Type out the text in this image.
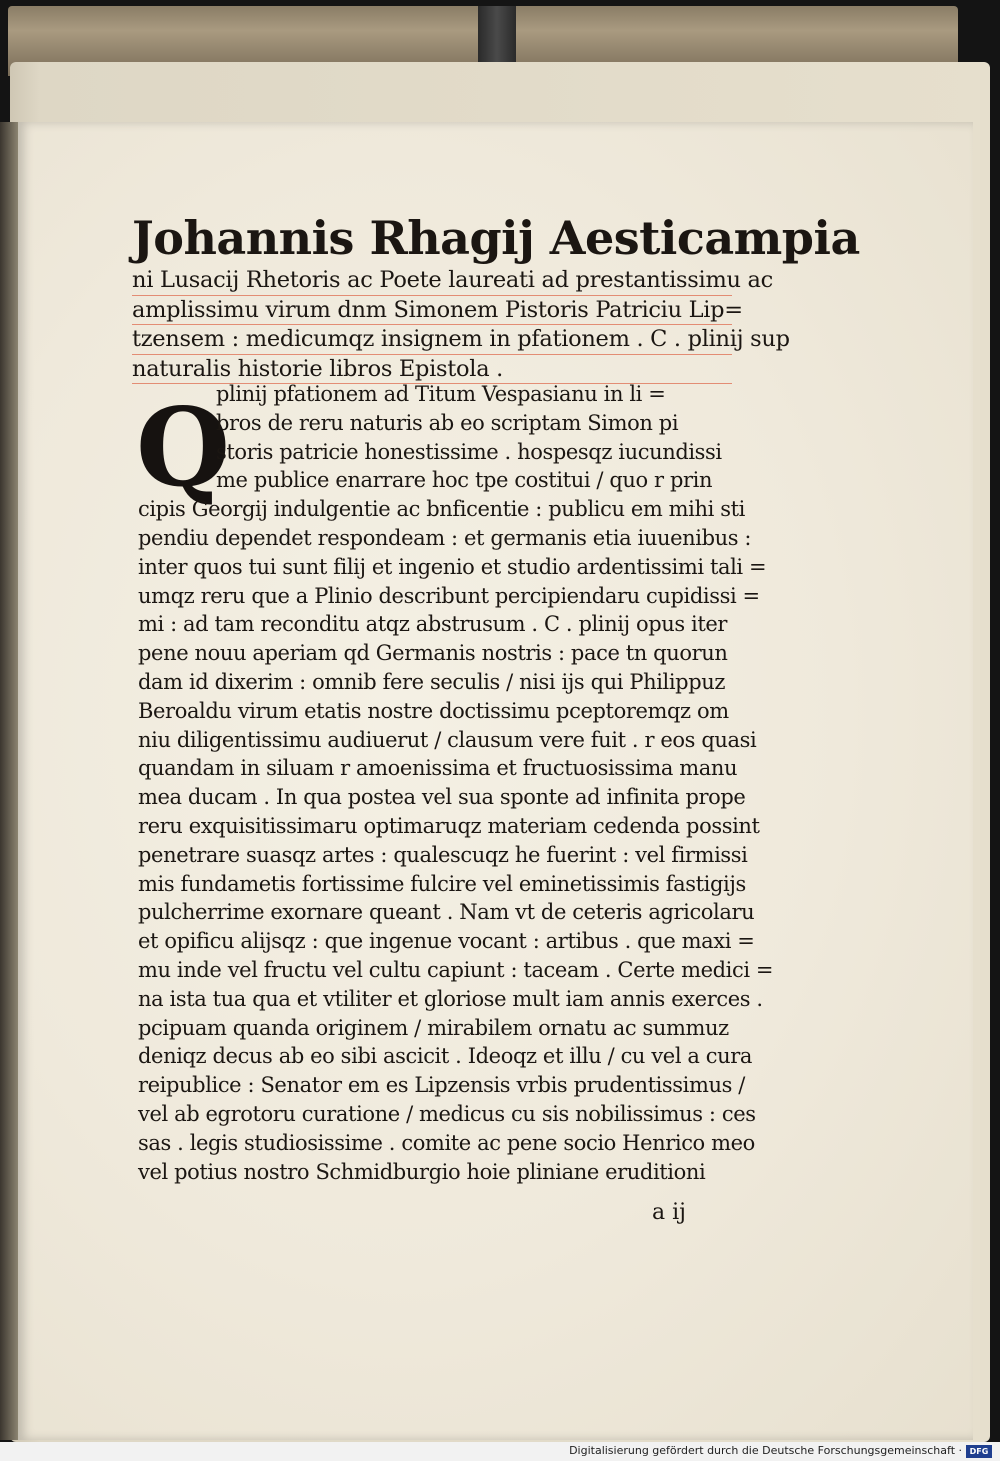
Johannis Rhagij Aesticampia
ni Lusacij Rhetoris ac Poete laureati ad prestantissimu ac
amplissimu virum dnm Simonem Pistoris Patriciu Lip=
tzensem : medicumqz insignem in pfationem . C . plinij sup
naturalis historie libros Epistola .
Q
plinij pfationem ad Titum Vespasianu in li =
bros de reru naturis ab eo scriptam Simon pi
storis patricie honestissime . hospesqz iucundissi
me publice enarrare hoc tpe costitui / quo r prin
cipis Georgij indulgentie ac bnficentie : publicu em mihi sti
pendiu dependet respondeam : et germanis etia iuuenibus :
inter quos tui sunt filij et ingenio et studio ardentissimi tali =
umqz reru que a Plinio describunt percipiendaru cupidissi =
mi : ad tam reconditu atqz abstrusum . C . plinij opus iter
pene nouu aperiam qd Germanis nostris : pace tn quorun
dam id dixerim : omnib fere seculis / nisi ijs qui Philippuz
Beroaldu virum etatis nostre doctissimu pceptoremqz om
niu diligentissimu audiuerut / clausum vere fuit . r eos quasi
quandam in siluam r amoenissima et fructuosissima manu
mea ducam . In qua postea vel sua sponte ad infinita prope
reru exquisitissimaru optimaruqz materiam cedenda possint
penetrare suasqz artes : qualescuqz he fuerint : vel firmissi
mis fundametis fortissime fulcire vel eminetissimis fastigijs
pulcherrime exornare queant . Nam vt de ceteris agricolaru
et opificu alijsqz : que ingenue vocant : artibus . que maxi =
mu inde vel fructu vel cultu capiunt : taceam . Certe medici =
na ista tua qua et vtiliter et gloriose mult iam annis exerces .
pcipuam quanda originem / mirabilem ornatu ac summuz
deniqz decus ab eo sibi ascicit . Ideoqz et illu / cu vel a cura
reipublice : Senator em es Lipzensis vrbis prudentissimus /
vel ab egrotoru curatione / medicus cu sis nobilissimus : ces
sas . legis studiosissime . comite ac pene socio Henrico meo
vel potius nostro Schmidburgio hoie pliniane eruditioni
a ij
Digitalisierung gefördert durch die Deutsche Forschungsgemeinschaft · DFG
